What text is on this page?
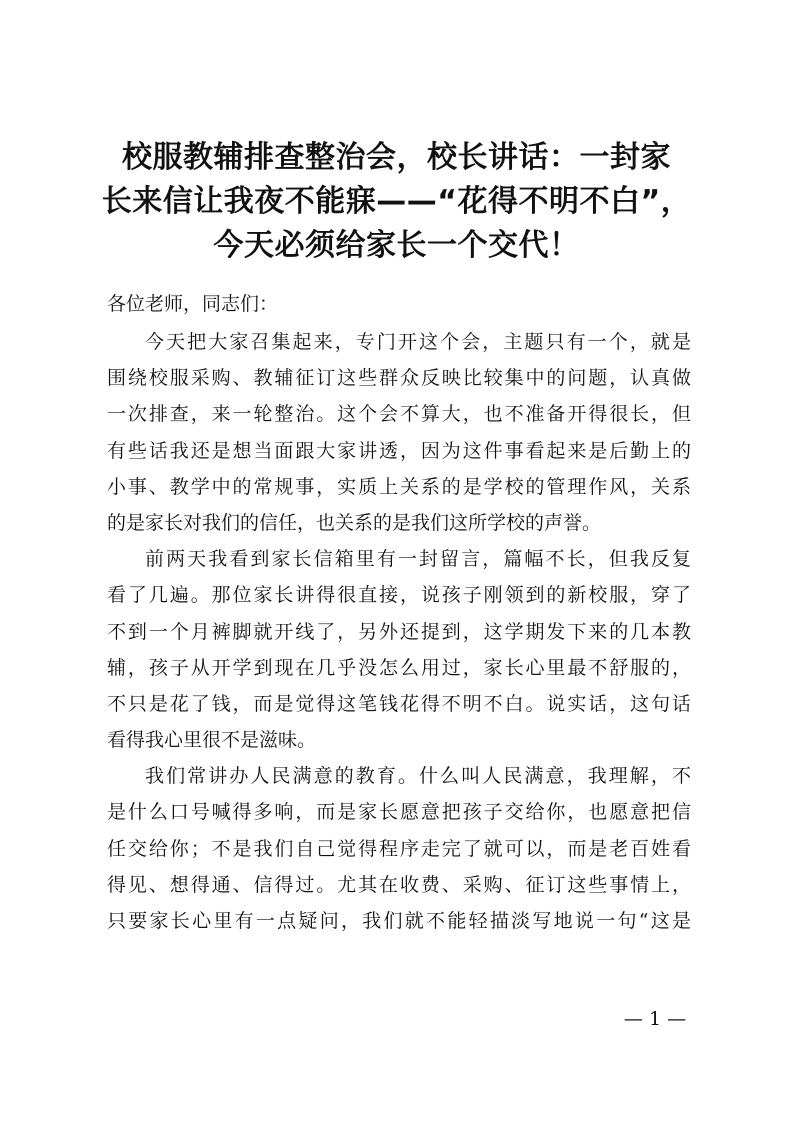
校服教辅排查整治会，校长讲话：一封家
长来信让我夜不能寐——“花得不明不白”，
今天必须给家长一个交代！

各位老师，同志们：

今天把大家召集起来，专门开这个会，主题只有一个，就是
围绕校服采购、教辅征订这些群众反映比较集中的问题，认真做
一次排查，来一轮整治。这个会不算大，也不准备开得很长，但
有些话我还是想当面跟大家讲透，因为这件事看起来是后勤上的
小事、教学中的常规事，实质上关系的是学校的管理作风，关系
的是家长对我们的信任，也关系的是我们这所学校的声誉。

前两天我看到家长信箱里有一封留言，篇幅不长，但我反复
看了几遍。那位家长讲得很直接，说孩子刚领到的新校服，穿了
不到一个月裤脚就开线了，另外还提到，这学期发下来的几本教
辅，孩子从开学到现在几乎没怎么用过，家长心里最不舒服的，
不只是花了钱，而是觉得这笔钱花得不明不白。说实话，这句话
看得我心里很不是滋味。

我们常讲办人民满意的教育。什么叫人民满意，我理解，不
是什么口号喊得多响，而是家长愿意把孩子交给你，也愿意把信
任交给你；不是我们自己觉得程序走完了就可以，而是老百姓看
得见、想得通、信得过。尤其在收费、采购、征订这些事情上，
只要家长心里有一点疑问，我们就不能轻描淡写地说一句“这是

— 1 —
